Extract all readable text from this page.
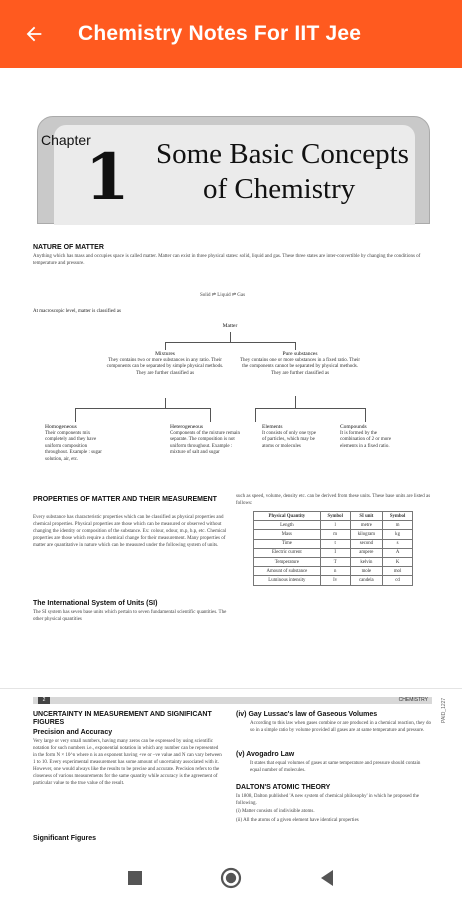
Chemistry Notes For IIT Jee
Chapter
1 Some Basic Concepts
of Chemistry
NATURE OF MATTER
Anything which has mass and occupies space is called matter. Matter can exist in three physical states: solid, liquid and gas. These three states are inter-convertible by changing the conditions of temperature and pressure.
Solid ⇌ Liquid ⇌ Gas
At macroscopic level, matter is classified as
Matter
Mixtures
They contains two or more substances in any ratio. Their components can be separated by simple physical methods. They are further classified as
Pure substances
They contains one or more substances in a fixed ratio. Their the components cannot be separated by physical methods. They are further classified as
Homogeneous
Their components mix completely and they have uniform composition throughout. Example : sugar solution, air, etc.
Heterogeneous
Components of the mixture remain separate. The composition is not uniform throughout. Example : mixture of salt and sugar
Elements
It consists of only one type of particles, which may be atoms or molecules
Compounds
It is formed by the combination of 2 or more elements in a fixed ratio.
PROPERTIES OF MATTER AND THEIR MEASUREMENT
Every substance has characteristic properties which can be classified as physical properties and chemical properties. Physical properties are those which can be measured or observed without changing the identity or composition of the substance. Ex: colour, odour, m.p, b.p, etc. Chemical properties are those which require a chemical change for their measurement. Many properties of matter are quantitative in nature which can be measured under the following system of units.
The International System of Units (SI)
The SI system has seven base units which pertain to seven fundamental scientific quantities. The other physical quantities
such as speed, volume, density etc. can be derived from these units. These base units are listed as follows:
Physical Quantity	Symbol	SI unit	Symbol
Length	l	metre	m
Mass	m	kilogram	kg
Time	t	second	s
Electric current	I	ampere	A
Temperature	T	kelvin	K
Amount of substance	n	mole	mol
Luminous intensity	Iv	candela	cd
2	CHEMISTRY	PAID_1227
UNCERTAINTY IN MEASUREMENT AND SIGNIFICANT FIGURES
Precision and Accuracy
Very large or very small numbers, having many zeros can be expressed by using scientific notation for such numbers i.e., exponential notation in which any number can be represented in the form N × 10^n where n is an exponent having +ve or –ve value and N can vary between 1 to 10. Every experimental measurement has some amount of uncertainty associated with it. However, one would always like the results to be precise and accurate. Precision refers to the closeness of various measurements for the same quantity while accuracy is the agreement of particular value to the true value of the result.
Significant Figures
(iv) Gay Lussac's law of Gaseous Volumes
According to this law when gases combine or are produced in a chemical reaction, they do so in a simple ratio by volume provided all gases are at same temperature and pressure.
(v) Avogadro Law
It states that equal volumes of gases at same temperature and pressure should contain equal number of molecules.
DALTON'S ATOMIC THEORY
In 1808, Dalton published 'A new system of chemical philosophy' in which he proposed the following.
(i) Matter consists of indivisible atoms.
(ii) All the atoms of a given element have identical properties
